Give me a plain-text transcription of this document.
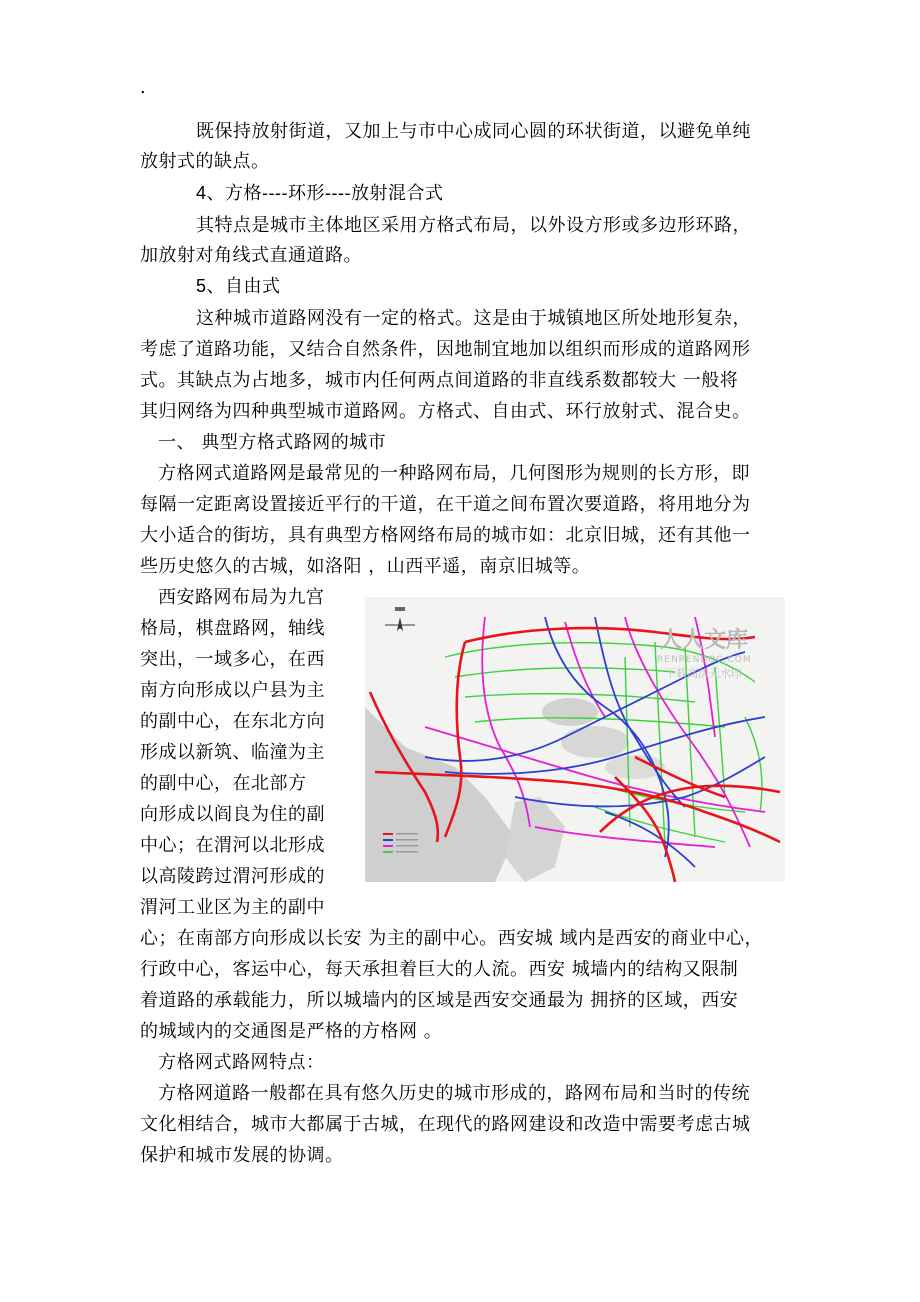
.

既保持放射街道，又加上与市中心成同心圆的环状街道，以避免单纯

放射式的缺点。

4、方格----环形----放射混合式

其特点是城市主体地区采用方格式布局，以外设方形或多边形环路，

加放射对角线式直通道路。

5、自由式

这种城市道路网没有一定的格式。这是由于城镇地区所处地形复杂，

考虑了道路功能，又结合自然条件，因地制宜地加以组织而形成的道路网形

式。其缺点为占地多，城市内任何两点间道路的非直线系数都较大 一般将

其归网络为四种典型城市道路网。方格式、自由式、环行放射式、混合史。

一、 典型方格式路网的城市

方格网式道路网是最常见的一种路网布局，几何图形为规则的长方形，即

每隔一定距离设置接近平行的干道，在干道之间布置次要道路，将用地分为

大小适合的街坊，具有典型方格网络布局的城市如：北京旧城，还有其他一

些历史悠久的古城，如洛阳 ，山西平遥，南京旧城等。

西安路网布局为九宫

格局，棋盘路网，轴线

突出，一域多心，在西

南方向形成以户县为主

的副中心，在东北方向

形成以新筑、临潼为主

的副中心，在北部方

向形成以阎良为住的副

中心；在渭河以北形成

以高陵跨过渭河形成的

渭河工业区为主的副中

人人文库
RENRENDOC.COM
下载高清无水印

心；在南部方向形成以长安 为主的副中心。西安城 域内是西安的商业中心，

行政中心，客运中心，每天承担着巨大的人流。西安 城墙内的结构又限制

着道路的承载能力，所以城墙内的区域是西安交通最为 拥挤的区域，西安

的城域内的交通图是严格的方格网 。

方格网式路网特点：

方格网道路一般都在具有悠久历史的城市形成的，路网布局和当时的传统

文化相结合，城市大都属于古城，在现代的路网建设和改造中需要考虑古城

保护和城市发展的协调。
